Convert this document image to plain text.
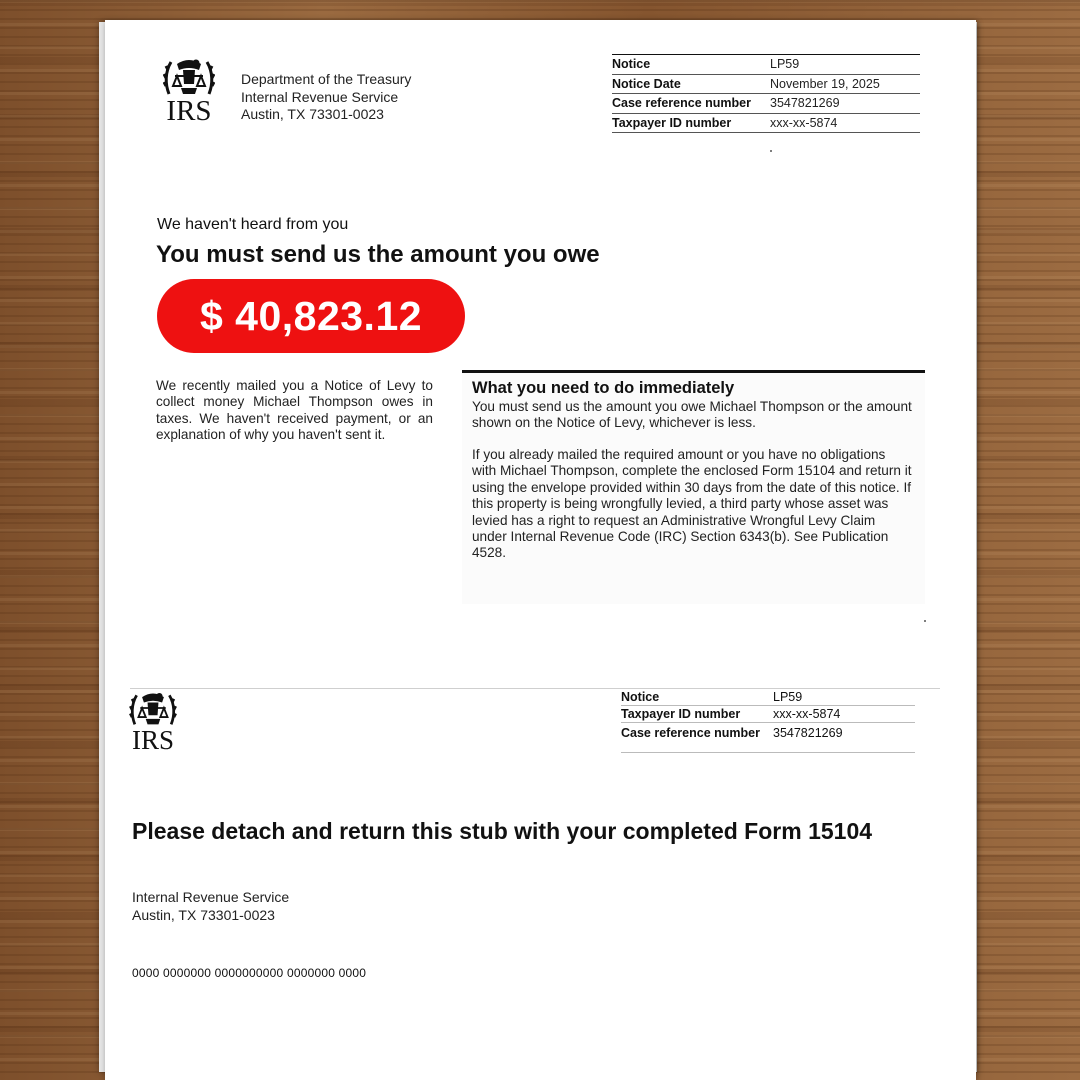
IRS
Department of the Treasury
Internal Revenue Service
Austin, TX 73301-0023
Notice	LP59
Notice Date	November 19, 2025
Case reference number	3547821269
Taxpayer ID number	xxx-xx-5874
We haven't heard from you
You must send us the amount you owe
$ 40,823.12
We recently mailed you a Notice of Levy to collect money Michael Thompson owes in taxes. We haven't received payment, or an explanation of why you haven't sent it.
What you need to do immediately
You must send us the amount you owe Michael Thompson or the amount shown on the Notice of Levy, whichever is less.
If you already mailed the required amount or you have no obligations with Michael Thompson, complete the enclosed Form 15104 and return it using the envelope provided within 30 days from the date of this notice. If this property is being wrongfully levied, a third party whose asset was levied has a right to request an Administrative Wrongful Levy Claim under Internal Revenue Code (IRC) Section 6343(b). See Publication 4528.
IRS
Notice	LP59
Taxpayer ID number	xxx-xx-5874
Case reference number	3547821269
Please detach and return this stub with your completed Form 15104
Internal Revenue Service
Austin, TX 73301-0023
0000 0000000 0000000000 0000000 0000
